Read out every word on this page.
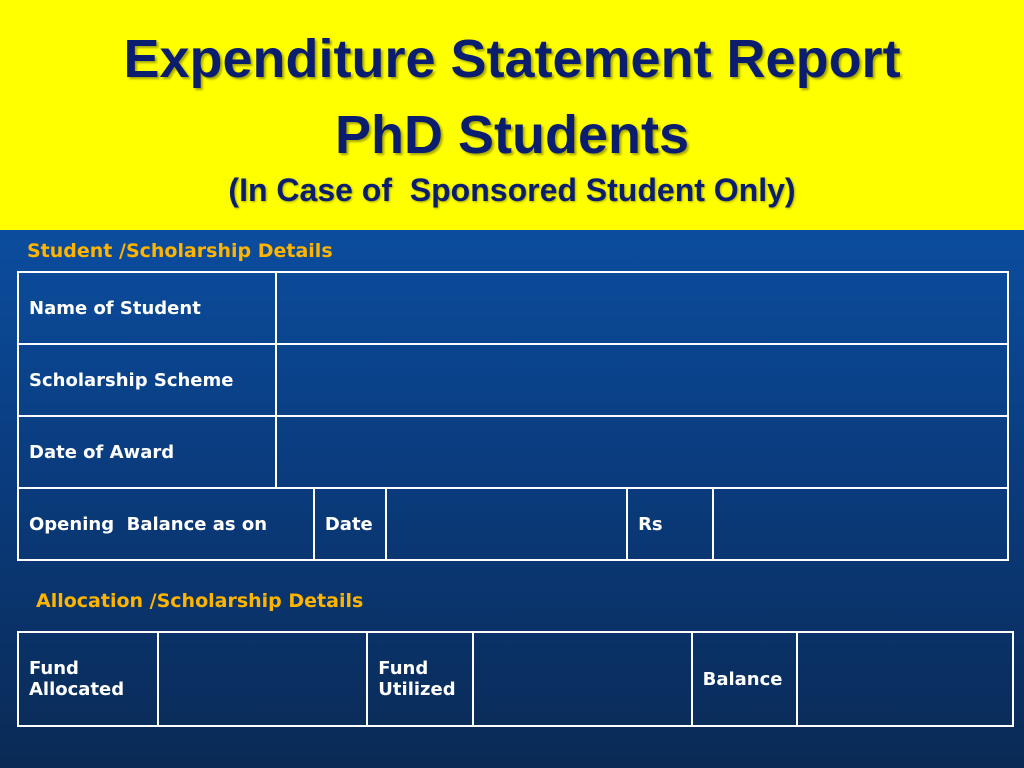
Expenditure Statement Report
PhD Students
(In Case of  Sponsored Student Only)
Student /Scholarship Details
Name of Student					
Scholarship Scheme					
Date of Award					
Opening  Balance as on		Date		Rs	
Allocation /Scholarship Details
Fund Allocated		Fund Utilized		Balance	
